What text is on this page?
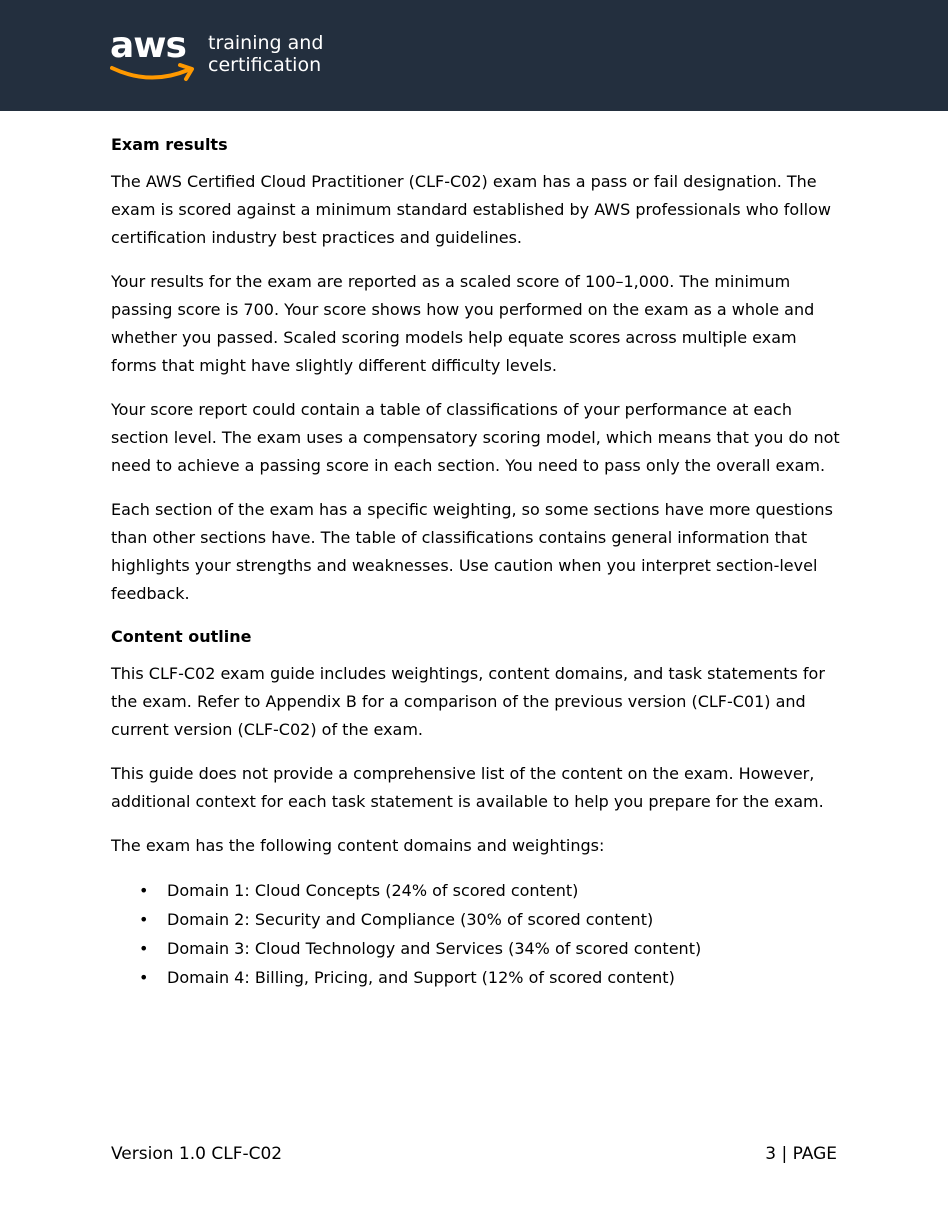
aws training and
certification
Exam results

The AWS Certified Cloud Practitioner (CLF-C02) exam has a pass or fail designation. The exam is scored against a minimum standard established by AWS professionals who follow certification industry best practices and guidelines.

Your results for the exam are reported as a scaled score of 100–1,000. The minimum passing score is 700. Your score shows how you performed on the exam as a whole and whether you passed. Scaled scoring models help equate scores across multiple exam forms that might have slightly different difficulty levels.

Your score report could contain a table of classifications of your performance at each section level. The exam uses a compensatory scoring model, which means that you do not need to achieve a passing score in each section. You need to pass only the overall exam.

Each section of the exam has a specific weighting, so some sections have more questions than other sections have. The table of classifications contains general information that highlights your strengths and weaknesses. Use caution when you interpret section-level feedback.

Content outline

This CLF-C02 exam guide includes weightings, content domains, and task statements for the exam. Refer to Appendix B for a comparison of the previous version (CLF-C01) and current version (CLF-C02) of the exam.

This guide does not provide a comprehensive list of the content on the exam. However, additional context for each task statement is available to help you prepare for the exam.

The exam has the following content domains and weightings:

• Domain 1: Cloud Concepts (24% of scored content)
• Domain 2: Security and Compliance (30% of scored content)
• Domain 3: Cloud Technology and Services (34% of scored content)
• Domain 4: Billing, Pricing, and Support (12% of scored content)
Version 1.0 CLF-C02	3 | PAGE
